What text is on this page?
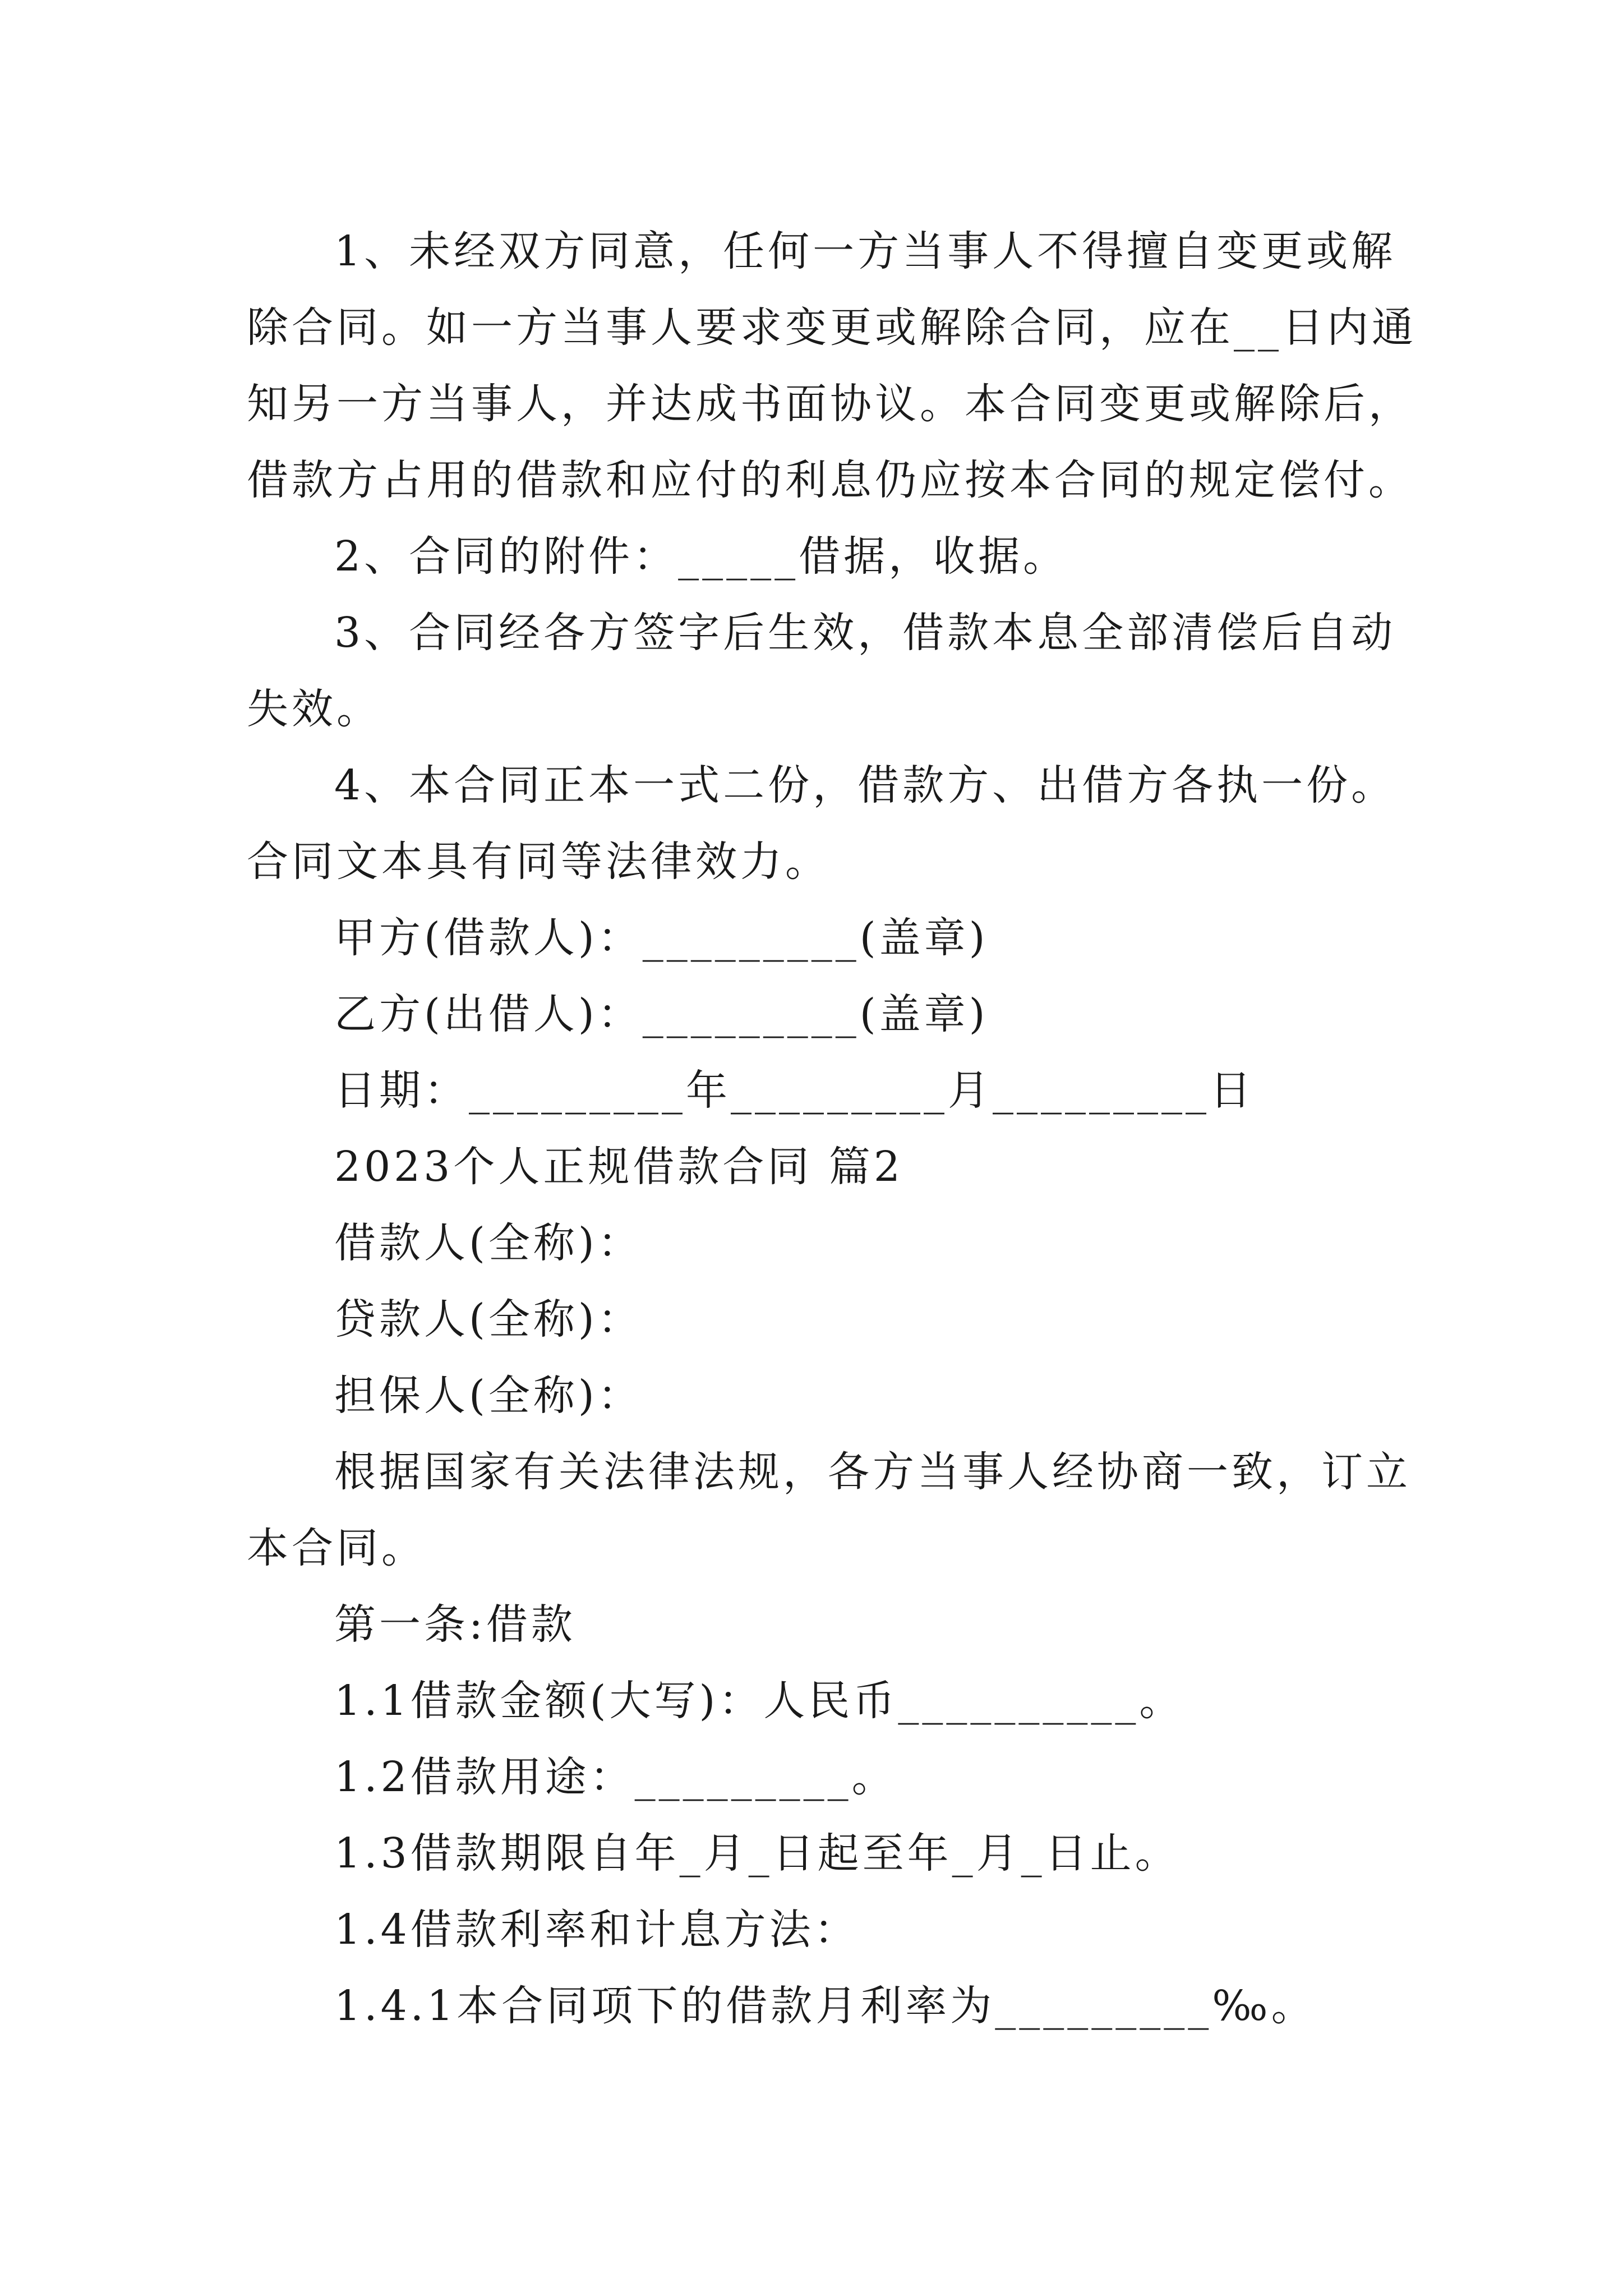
1、未经双方同意，任何一方当事人不得擅自变更或解
除合同。如一方当事人要求变更或解除合同，应在__日内通
知另一方当事人，并达成书面协议。本合同变更或解除后，
借款方占用的借款和应付的利息仍应按本合同的规定偿付。
2、合同的附件：_____借据，收据。
3、合同经各方签字后生效，借款本息全部清偿后自动
失效。
4、本合同正本一式二份，借款方、出借方各执一份。
合同文本具有同等法律效力。
甲方(借款人)：_________(盖章)
乙方(出借人)：_________(盖章)
日期：_________年_________月_________日
2023个人正规借款合同 篇2
借款人(全称)：
贷款人(全称)：
担保人(全称)：
根据国家有关法律法规，各方当事人经协商一致，订立
本合同。
第一条:借款
1.1借款金额(大写)：人民币__________。
1.2借款用途：_________。
1.3借款期限自年_月_日起至年_月_日止。
1.4借款利率和计息方法：
1.4.1本合同项下的借款月利率为_________‰。
